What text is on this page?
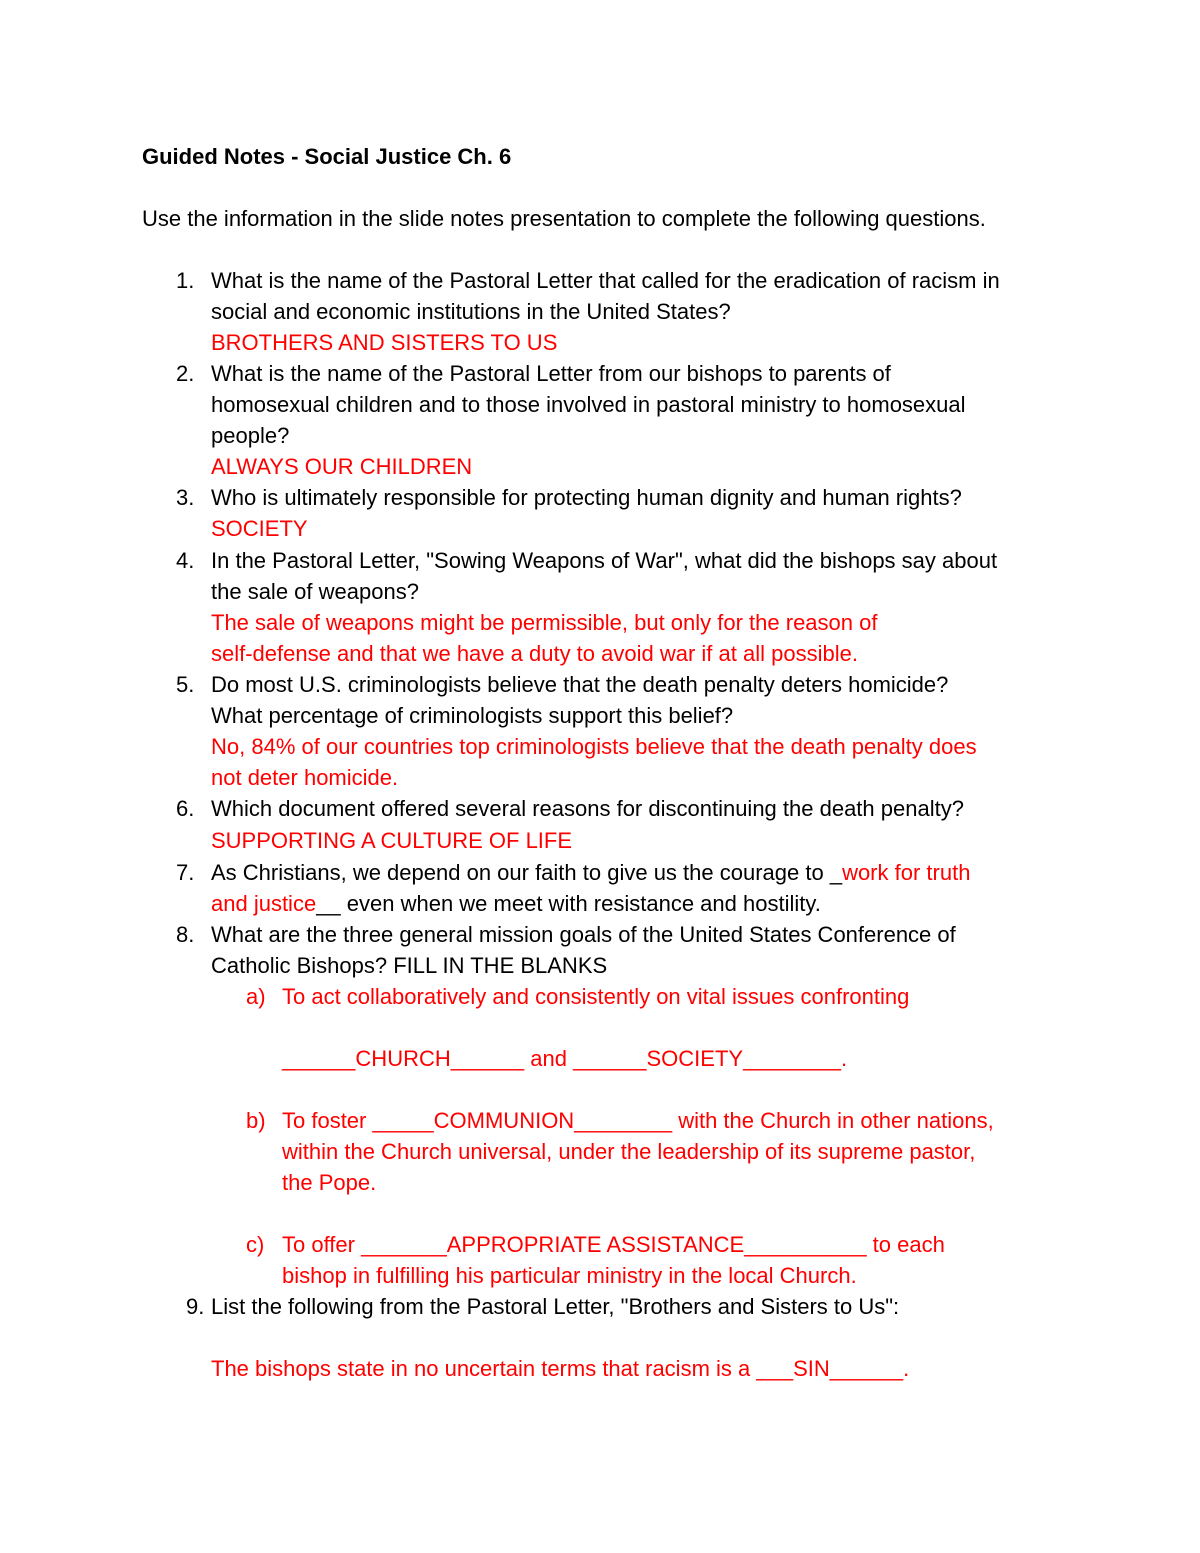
Guided Notes - Social Justice Ch. 6
Use the information in the slide notes presentation to complete the following questions.
1. What is the name of the Pastoral Letter that called for the eradication of racism in
social and economic institutions in the United States?
BROTHERS AND SISTERS TO US
2. What is the name of the Pastoral Letter from our bishops to parents of
homosexual children and to those involved in pastoral ministry to homosexual
people?
ALWAYS OUR CHILDREN
3. Who is ultimately responsible for protecting human dignity and human rights?
SOCIETY
4. In the Pastoral Letter, "Sowing Weapons of War", what did the bishops say about
the sale of weapons?
The sale of weapons might be permissible, but only for the reason of
self-defense and that we have a duty to avoid war if at all possible.
5. Do most U.S. criminologists believe that the death penalty deters homicide?
What percentage of criminologists support this belief?
No, 84% of our countries top criminologists believe that the death penalty does
not deter homicide.
6. Which document offered several reasons for discontinuing the death penalty?
SUPPORTING A CULTURE OF LIFE
7. As Christians, we depend on our faith to give us the courage to _work for truth
and justice__ even when we meet with resistance and hostility.
8. What are the three general mission goals of the United States Conference of
Catholic Bishops? FILL IN THE BLANKS
a) To act collaboratively and consistently on vital issues confronting
______CHURCH______ and ______SOCIETY________.
b) To foster _____COMMUNION________ with the Church in other nations,
within the Church universal, under the leadership of its supreme pastor,
the Pope.
c) To offer _______APPROPRIATE ASSISTANCE__________ to each
bishop in fulfilling his particular ministry in the local Church.
9. List the following from the Pastoral Letter, "Brothers and Sisters to Us":
The bishops state in no uncertain terms that racism is a ___SIN______.
